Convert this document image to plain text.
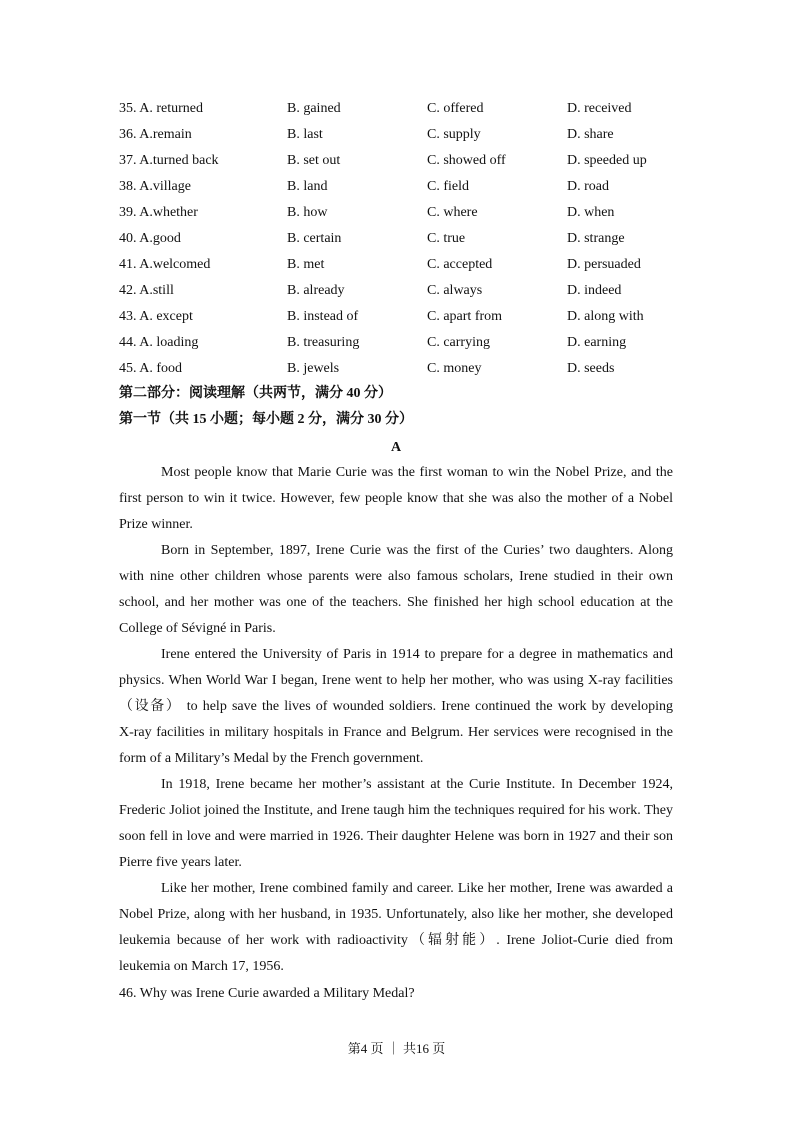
35. A. returned	B. gained	C. offered	D. received
36. A.remain	B. last	C. supply	D. share
37. A.turned back	B. set out	C. showed off	D. speeded up
38. A.village	B. land	C. field	D. road
39. A.whether	B. how	C. where	D. when
40. A.good	B. certain	C. true	D. strange
41. A.welcomed	B. met	C. accepted	D. persuaded
42. A.still	B. already	C. always	D. indeed
43. A. except	B. instead of	C. apart from	D. along with
44. A. loading	B. treasuring	C. carrying	D. earning
45. A. food	B. jewels	C. money	D. seeds
第二部分：阅读理解（共两节，满分 40 分）
第一节（共 15 小题；每小题 2 分，满分 30 分）
A
Most people know that Marie Curie was the first woman to win the Nobel Prize, and the
first person to win it twice. However, few people know that she was also the mother of a Nobel
Prize winner.
Born in September, 1897, Irene Curie was the first of the Curies’ two daughters. Along
with nine other children whose parents were also famous scholars, Irene studied in their own
school, and her mother was one of the teachers. She finished her high school education at the
College of Sévigné in Paris.
Irene entered the University of Paris in 1914 to prepare for a degree in mathematics and
physics. When World War I began, Irene went to help her mother, who was using X-ray facilities
（设备） to help save the lives of wounded soldiers. Irene continued the work by developing
X-ray facilities in military hospitals in France and Belgrum. Her services were recognised in the
form of a Military’s Medal by the French government.
In 1918, Irene became her mother’s assistant at the Curie Institute. In December 1924,
Frederic Joliot joined the Institute, and Irene taugh him the techniques required for his work. They
soon fell in love and were married in 1926. Their daughter Helene was born in 1927 and their son
Pierre five years later.
Like her mother, Irene combined family and career. Like her mother, Irene was awarded a
Nobel Prize, along with her husband, in 1935. Unfortunately, also like her mother, she developed
leukemia because of her work with radioactivity（辐射能）. Irene Joliot-Curie died from
leukemia on March 17, 1956.
46. Why was Irene Curie awarded a Military Medal?
第4 页 ｜ 共16 页
